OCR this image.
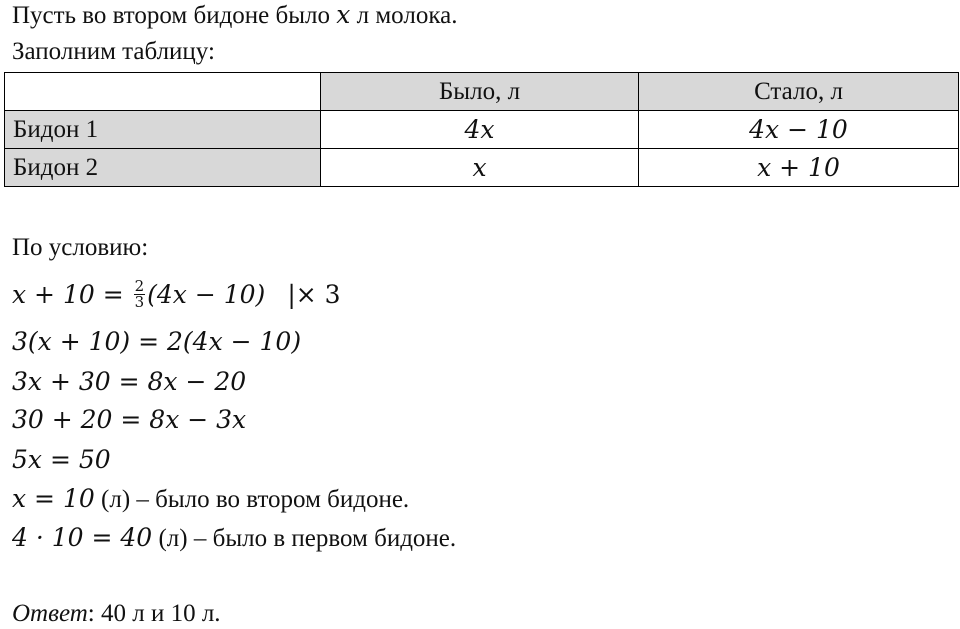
Пусть во втором бидоне было x л молока.
Заполним таблицу:
	Было, л	Стало, л
Бидон 1	4x	4x − 10
Бидон 2	x	x + 10
По условию:
$x + 10 = \frac{2}{3} (4x - 10)$ |× 3
3(x + 10) = 2(4x − 10)
3x + 30 = 8x − 20
30 + 20 = 8x − 3x
5x = 50
x = 10 (л) – было во втором бидоне.
4 · 10 = 40 (л) – было в первом бидоне.
Ответ: 40 л и 10 л.
